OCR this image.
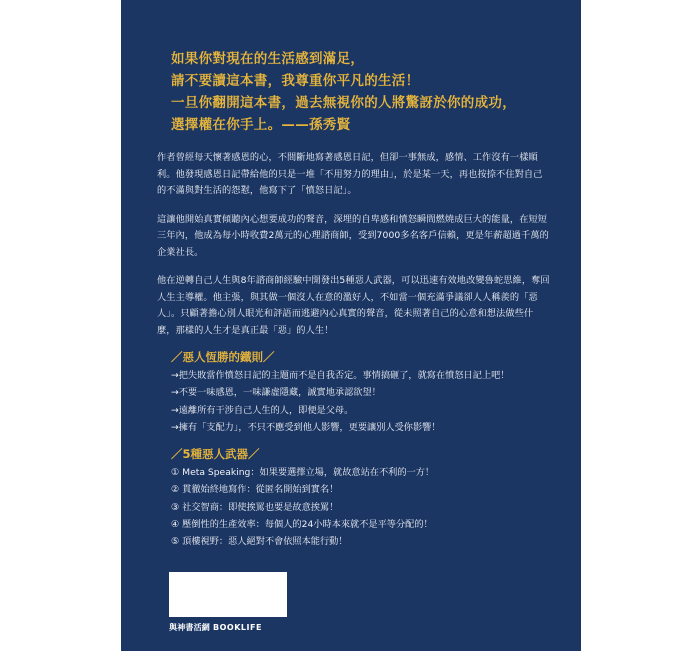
如果你對現在的生活感到滿足，
請不要讀這本書，我尊重你平凡的生活！
一旦你翻開這本書，過去無視你的人將驚訝於你的成功，
選擇權在你手上。——孫秀賢

作者曾經每天懷著感恩的心，不間斷地寫著感恩日記，但卻一事無成，感情、工作沒有一樣順利。他發現感恩日記帶給他的只是一堆「不用努力的理由」，於是某一天，再也按捺不住對自己的不滿與對生活的怨懟，他寫下了「憤怒日記」。

這讓他開始真實傾聽內心想要成功的聲音，深埋的自卑感和憤怒瞬間燃燒成巨大的能量，在短短三年內，他成為每小時收費2萬元的心理諮商師，受到7000多名客戶信賴，更是年薪超過千萬的企業社長。

他在逆轉自己人生與8年諮商師經驗中開發出5種惡人武器，可以迅速有效地改變魯蛇思維，奪回人生主導權。他主張，與其做一個沒人在意的濫好人，不如當一個充滿爭議卻人人稱羨的「惡人」。只顧著擔心別人眼光和評語而逃避內心真實的聲音，從未照著自己的心意和想法做些什麼，那樣的人生才是真正最「惡」的人生！

／惡人恆勝的鐵則／
→把失敗當作憤怒日記的主題而不是自我否定。事情搞砸了，就寫在憤怒日記上吧！
→不要一味感恩，一味謙虛隱藏，誠實地承認欲望！
→遠離所有干涉自己人生的人，即便是父母。
→擁有「支配力」，不只不應受到他人影響，更要讓別人受你影響！
／5種惡人武器／
① Meta Speaking：如果要選擇立場，就故意站在不利的一方！
② 貫徹始終地寫作：從匿名開始到實名！
③ 社交智商：即使挨罵也要是故意挨罵！
④ 壓倒性的生產效率：每個人的24小時本來就不是平等分配的！
⑤ 頂樓視野：惡人絕對不會依照本能行動！
與神書活網 BOOKLIFE
